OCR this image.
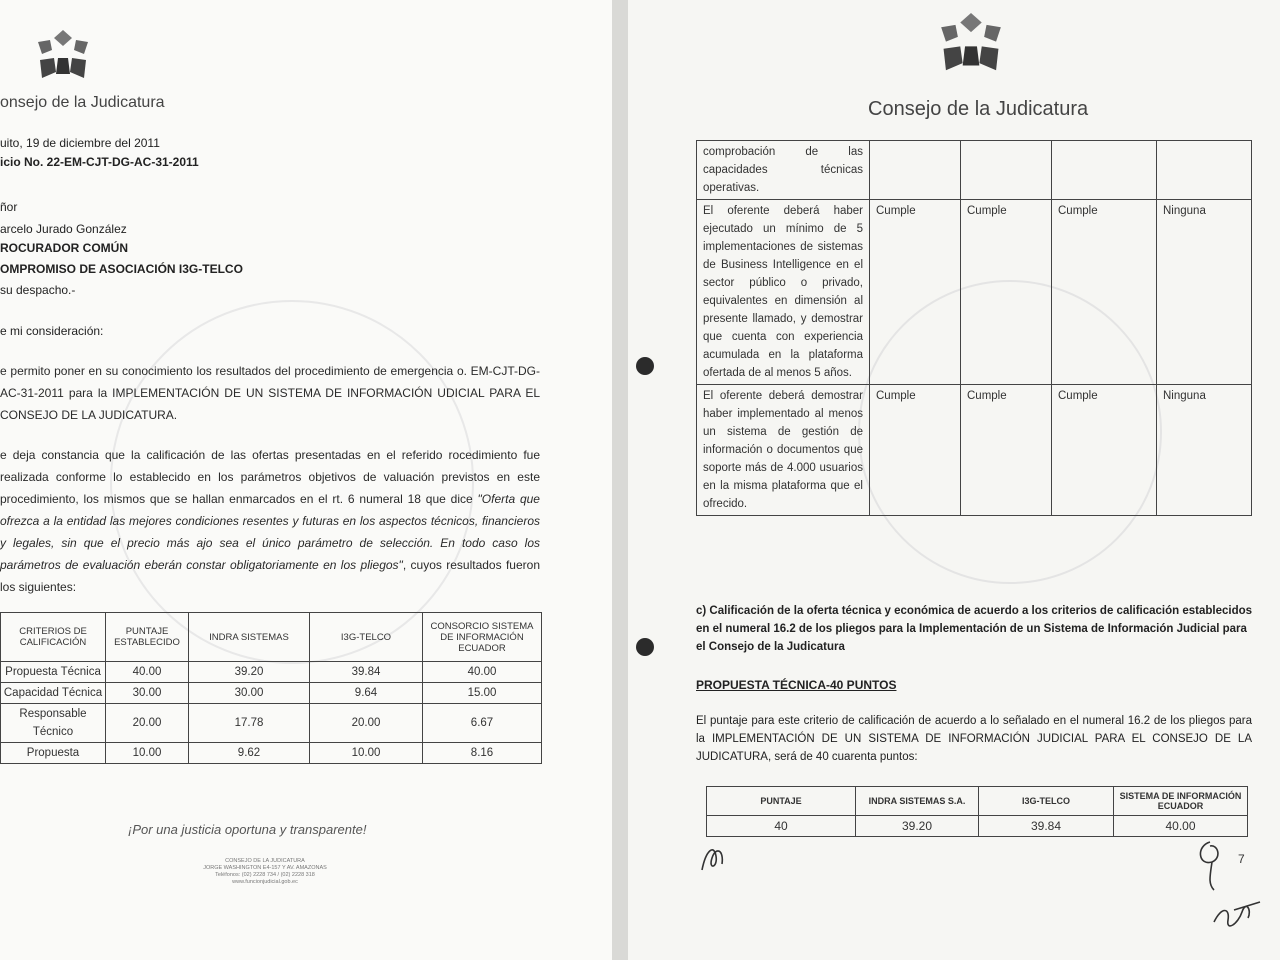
onsejo de la Judicatura
uito, 19 de diciembre del 2011
icio No. 22-EM-CJT-DG-AC-31-2011
ñor
arcelo Jurado González
ROCURADOR COMÚN
OMPROMISO DE ASOCIACIÓN I3G-TELCO
su despacho.-
e mi consideración:
e permito poner en su conocimiento los resultados del procedimiento de emergencia o. EM-CJT-DG-AC-31-2011 para la IMPLEMENTACIÓN DE UN SISTEMA DE INFORMACIÓN UDICIAL PARA EL CONSEJO DE LA JUDICATURA.
e deja constancia que la calificación de las ofertas presentadas en el referido rocedimiento fue realizada conforme lo establecido en los parámetros objetivos de valuación previstos en este procedimiento, los mismos que se hallan enmarcados en el rt. 6 numeral 18 que dice "Oferta que ofrezca a la entidad las mejores condiciones resentes y futuras en los aspectos técnicos, financieros y legales, sin que el precio más ajo sea el único parámetro de selección. En todo caso los parámetros de evaluación eberán constar obligatoriamente en los pliegos", cuyos resultados fueron los siguientes:
CRITERIOS DE CALIFICACIÓN	PUNTAJE ESTABLECIDO	INDRA SISTEMAS	I3G-TELCO	CONSORCIO SISTEMA DE INFORMACIÓN ECUADOR
Propuesta Técnica	40.00	39.20	39.84	40.00
Capacidad Técnica	30.00	30.00	9.64	15.00
Responsable Técnico	20.00	17.78	20.00	6.67
Propuesta	10.00	9.62	10.00	8.16
¡Por una justicia oportuna y transparente!
CONSEJO DE LA JUDICATURA
JORGE WASHINGTON E4-157 Y AV. AMAZONAS
Teléfonos: (02) 2228 734 / (02) 2228 318
www.funcionjudicial.gob.ec
Consejo de la Judicatura
comprobación de las capacidades técnicas operativas.				
El oferente deberá haber ejecutado un mínimo de 5 implementaciones de sistemas de Business Intelligence en el sector público o privado, equivalentes en dimensión al presente llamado, y demostrar que cuenta con experiencia acumulada en la plataforma ofertada de al menos 5 años.	Cumple	Cumple	Cumple	Ninguna
El oferente deberá demostrar haber implementado al menos un sistema de gestión de información o documentos que soporte más de 4.000 usuarios en la misma plataforma que el ofrecido.	Cumple	Cumple	Cumple	Ninguna
c) Calificación de la oferta técnica y económica de acuerdo a los criterios de calificación establecidos en el numeral 16.2 de los pliegos para la Implementación de un Sistema de Información Judicial para el Consejo de la Judicatura
PROPUESTA TÉCNICA-40 PUNTOS
El puntaje para este criterio de calificación de acuerdo a lo señalado en el numeral 16.2 de los pliegos para la IMPLEMENTACIÓN DE UN SISTEMA DE INFORMACIÓN JUDICIAL PARA EL CONSEJO DE LA JUDICATURA, será de 40 cuarenta puntos:
PUNTAJE	INDRA SISTEMAS S.A.	I3G-TELCO	SISTEMA DE INFORMACIÓN ECUADOR
40	39.20	39.84	40.00
7
